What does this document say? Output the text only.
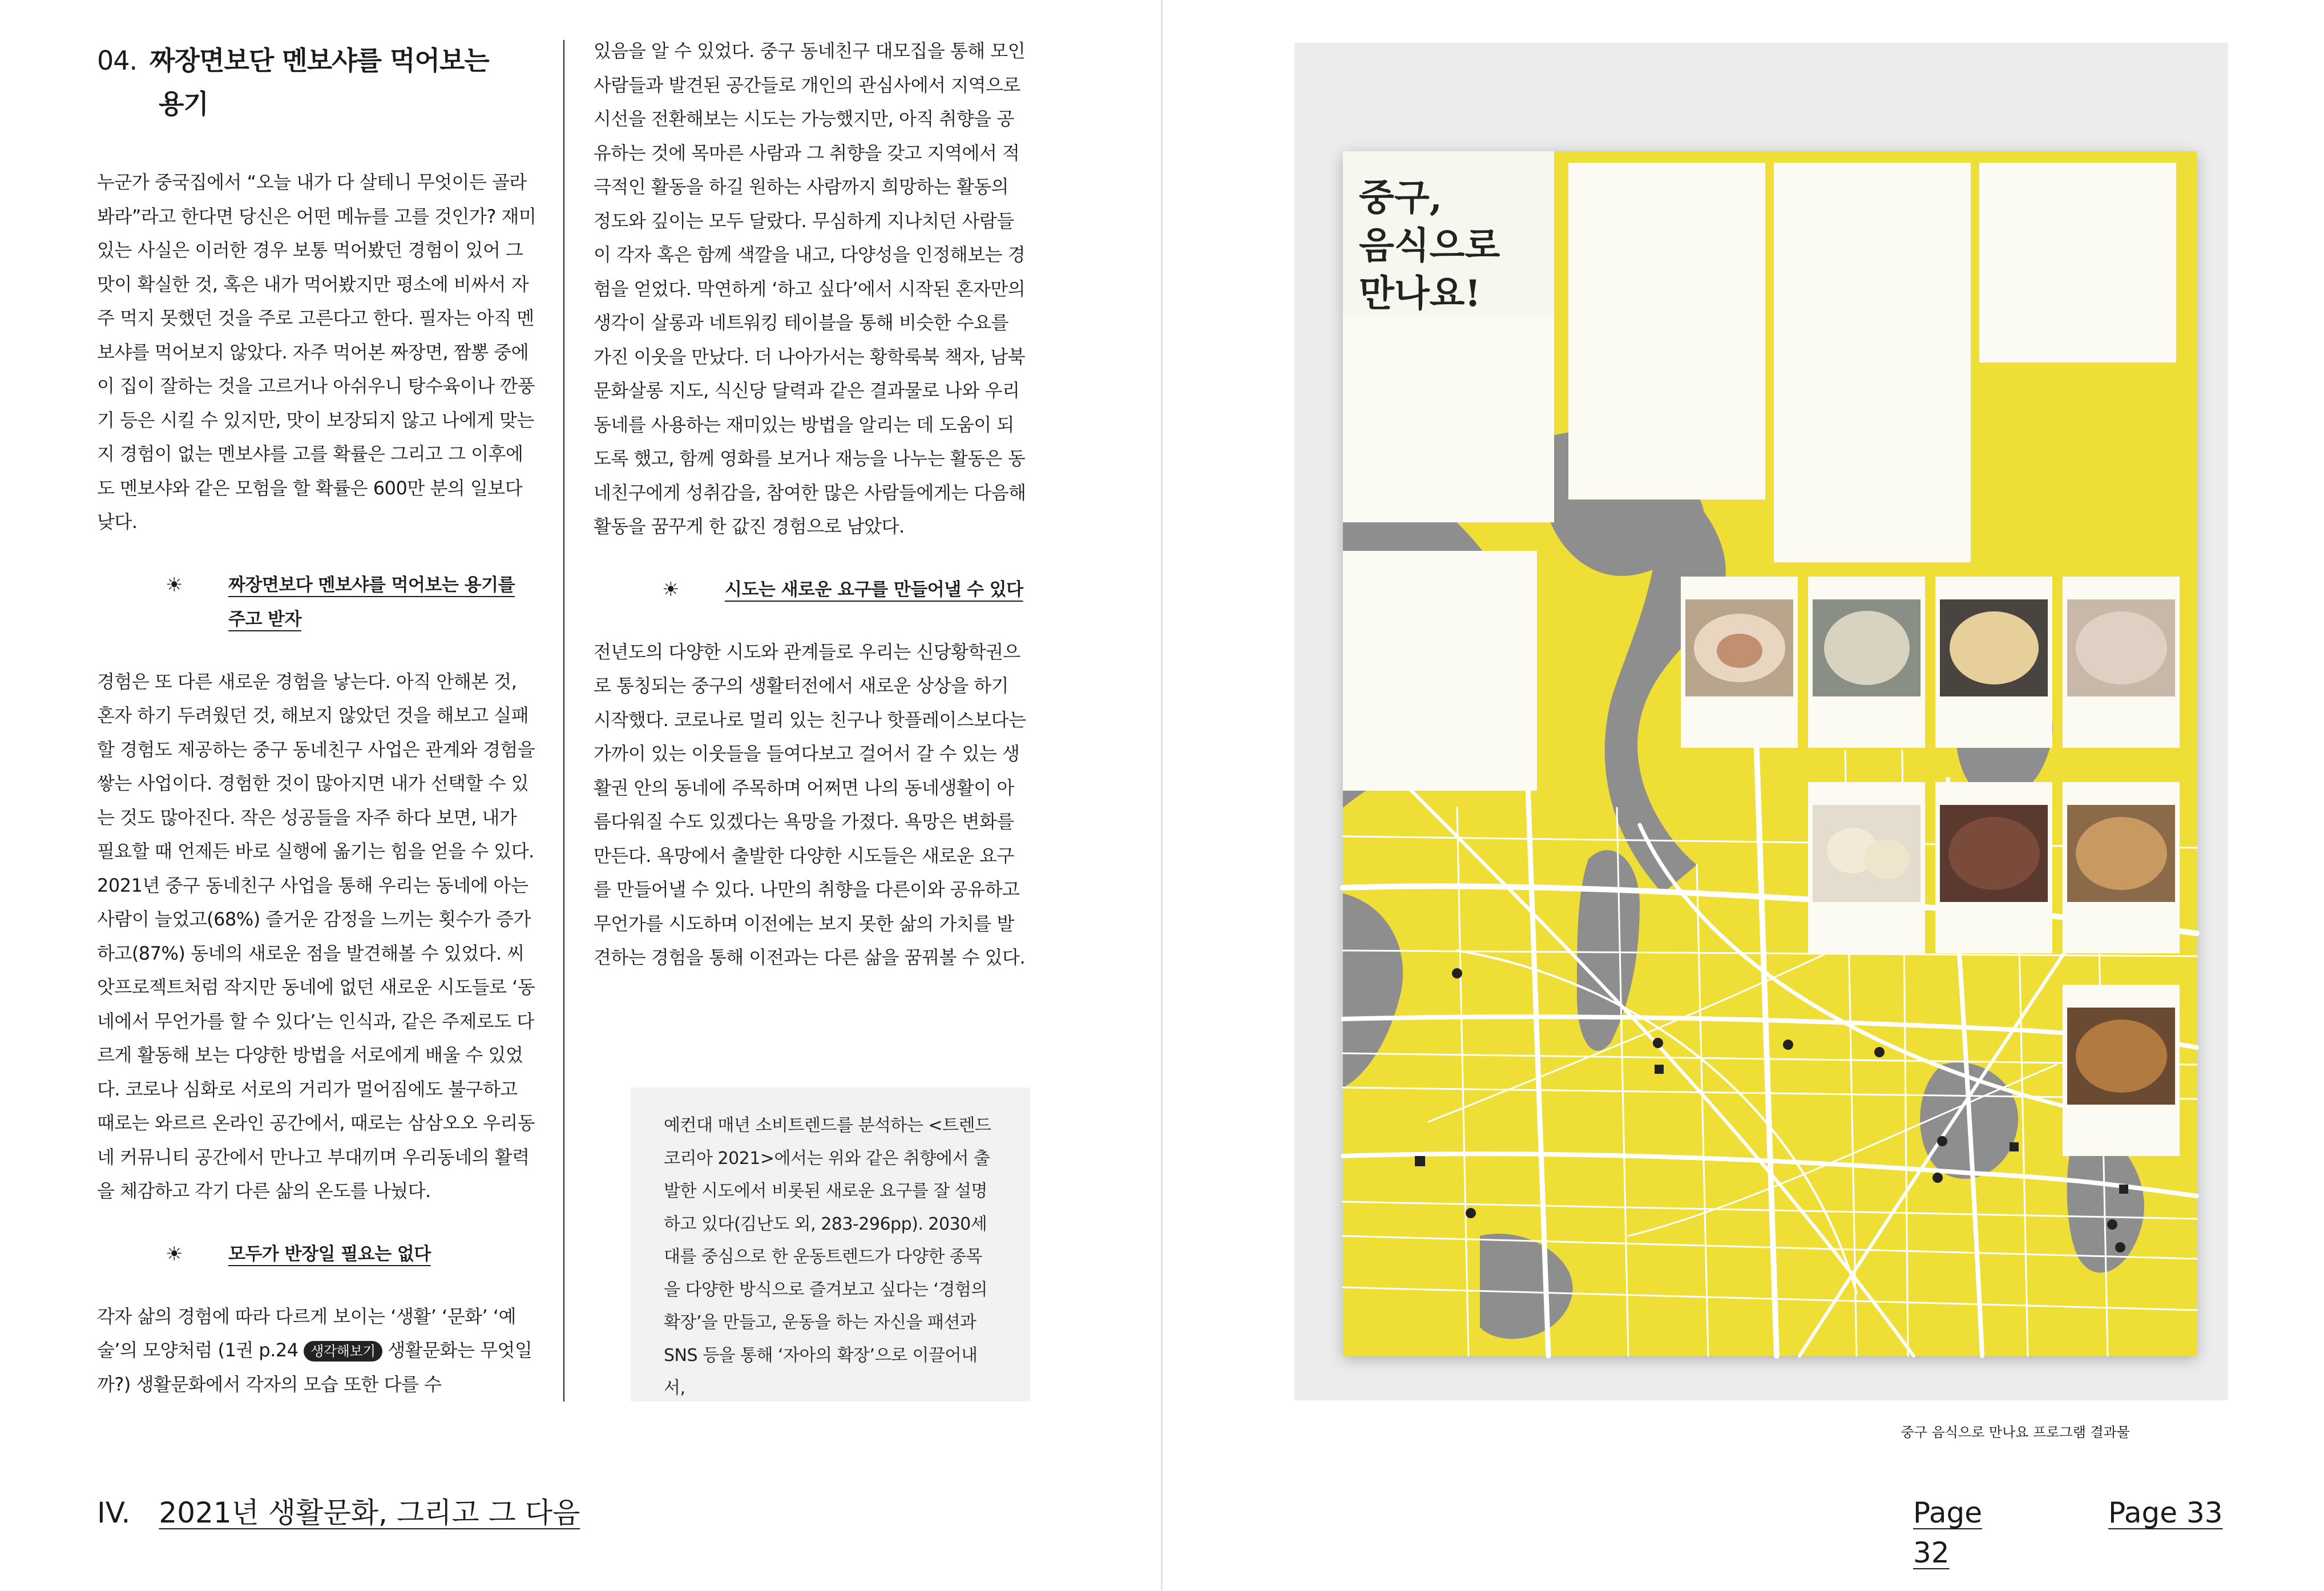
04. 짜장면보단 멘보샤를 먹어보는
용기

누군가 중국집에서 “오늘 내가 다 살테니 무엇이든 골라봐라”라고 한다면 당신은 어떤 메뉴를 고를 것인가? 재미있는 사실은 이러한 경우 보통 먹어봤던 경험이 있어 그 맛이 확실한 것, 혹은 내가 먹어봤지만 평소에 비싸서 자주 먹지 못했던 것을 주로 고른다고 한다. 필자는 아직 멘보샤를 먹어보지 않았다. 자주 먹어본 짜장면, 짬뽕 중에 이 집이 잘하는 것을 고르거나 아쉬우니 탕수육이나 깐풍기 등은 시킬 수 있지만, 맛이 보장되지 않고 나에게 맞는지 경험이 없는 멘보샤를 고를 확률은 그리고 그 이후에도 멘보샤와 같은 모험을 할 확률은 600만 분의 일보다 낮다.

☀	짜장면보다 멘보샤를 먹어보는 용기를 주고 받자

경험은 또 다른 새로운 경험을 낳는다. 아직 안해본 것, 혼자 하기 두려웠던 것, 해보지 않았던 것을 해보고 실패할 경험도 제공하는 중구 동네친구 사업은 관계와 경험을 쌓는 사업이다. 경험한 것이 많아지면 내가 선택할 수 있는 것도 많아진다. 작은 성공들을 자주 하다 보면, 내가 필요할 때 언제든 바로 실행에 옮기는 힘을 얻을 수 있다. 2021년 중구 동네친구 사업을 통해 우리는 동네에 아는 사람이 늘었고(68%) 즐거운 감정을 느끼는 횟수가 증가하고(87%) 동네의 새로운 점을 발견해볼 수 있었다. 씨앗프로젝트처럼 작지만 동네에 없던 새로운 시도들로 ‘동네에서 무언가를 할 수 있다’는 인식과, 같은 주제로도 다르게 활동해 보는 다양한 방법을 서로에게 배울 수 있었다. 코로나 심화로 서로의 거리가 멀어짐에도 불구하고 때로는 와르르 온라인 공간에서, 때로는 삼삼오오 우리동네 커뮤니티 공간에서 만나고 부대끼며 우리동네의 활력을 체감하고 각기 다른 삶의 온도를 나눴다.

☀	모두가 반장일 필요는 없다

각자 삶의 경험에 따라 다르게 보이는 ‘생활’ ‘문화’ ‘예술’의 모양처럼 (1권 p.24 생각해보기 생활문화는 무엇일까?) 생활문화에서 각자의 모습 또한 다를 수

있음을 알 수 있었다. 중구 동네친구 대모집을 통해 모인 사람들과 발견된 공간들로 개인의 관심사에서 지역으로 시선을 전환해보는 시도는 가능했지만, 아직 취향을 공유하는 것에 목마른 사람과 그 취향을 갖고 지역에서 적극적인 활동을 하길 원하는 사람까지 희망하는 활동의 정도와 깊이는 모두 달랐다. 무심하게 지나치던 사람들이 각자 혹은 함께 색깔을 내고, 다양성을 인정해보는 경험을 얻었다. 막연하게 ‘하고 싶다’에서 시작된 혼자만의 생각이 살롱과 네트워킹 테이블을 통해 비슷한 수요를 가진 이웃을 만났다. 더 나아가서는 황학룩북 책자, 남북문화살롱 지도, 식신당 달력과 같은 결과물로 나와 우리동네를 사용하는 재미있는 방법을 알리는 데 도움이 되도록 했고, 함께 영화를 보거나 재능을 나누는 활동은 동네친구에게 성취감을, 참여한 많은 사람들에게는 다음해 활동을 꿈꾸게 한 값진 경험으로 남았다.

☀	시도는 새로운 요구를 만들어낼 수 있다

전년도의 다양한 시도와 관계들로 우리는 신당황학권으로 통칭되는 중구의 생활터전에서 새로운 상상을 하기 시작했다. 코로나로 멀리 있는 친구나 핫플레이스보다는 가까이 있는 이웃들을 들여다보고 걸어서 갈 수 있는 생활권 안의 동네에 주목하며 어쩌면 나의 동네생활이 아름다워질 수도 있겠다는 욕망을 가졌다. 욕망은 변화를 만든다. 욕망에서 출발한 다양한 시도들은 새로운 요구를 만들어낼 수 있다. 나만의 취향을 다른이와 공유하고 무언가를 시도하며 이전에는 보지 못한 삶의 가치를 발견하는 경험을 통해 이전과는 다른 삶을 꿈꿔볼 수 있다.

예컨대 매년 소비트렌드를 분석하는 <트렌드코리아 2021>에서는 위와 같은 취향에서 출발한 시도에서 비롯된 새로운 요구를 잘 설명하고 있다(김난도 외, 283-296pp). 2030세대를 중심으로 한 운동트렌드가 다양한 종목을 다양한 방식으로 즐겨보고 싶다는 ‘경험의 확장’을 만들고, 운동을 하는 자신을 패션과 SNS 등을 통해 ‘자아의 확장’으로 이끌어내서,
IV. 2021년 생활문화, 그리고 그 다음	Page 32
중구,
음식으로
만나요!
중구 음식으로 만나요 프로그램 결과물
Page 33
